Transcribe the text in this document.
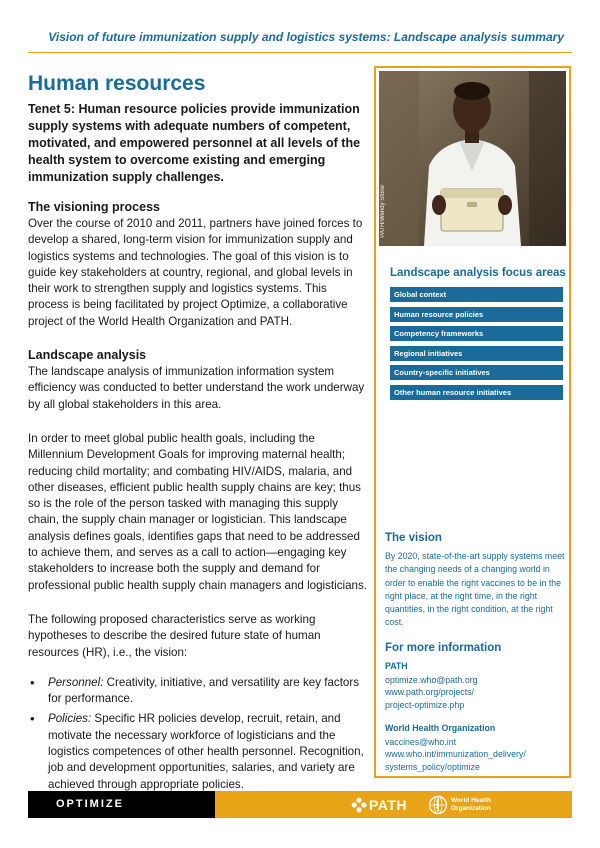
Vision of future immunization supply and logistics systems: Landscape analysis summary
Human resources

Tenet 5: Human resource policies provide immunization supply systems with adequate numbers of competent, motivated, and empowered personnel at all levels of the health system to overcome existing and emerging immunization supply challenges.

The visioning process

Over the course of 2010 and 2011, partners have joined forces to develop a shared, long-term vision for immunization supply and logistics systems and technologies. The goal of this vision is to guide key stakeholders at country, regional, and global levels in their work to strengthen supply and logistics systems. This process is being facilitated by project Optimize, a collaborative project of the World Health Organization and PATH.

Landscape analysis

The landscape analysis of immunization information system efficiency was conducted to better understand the work underway by all global stakeholders in this area.

In order to meet global public health goals, including the Millennium Development Goals for improving maternal health; reducing child mortality; and combating HIV/AIDS, malaria, and other diseases, efficient public health supply chains are key; thus so is the role of the person tasked with managing this supply chain, the supply chain manager or logistician. This landscape analysis defines goals, identifies gaps that need to be addressed to achieve them, and serves as a call to action—engaging key stakeholders to increase both the supply and demand for professional public health supply chain managers and logisticians.

The following proposed characteristics serve as working hypotheses to describe the desired future state of human resources (HR), i.e., the vision:

• Personnel: Creativity, initiative, and versatility are key factors for performance.
• Policies: Specific HR policies develop, recruit, retain, and motivate the necessary workforce of logisticians and the logistics competences of other health personnel. Recognition, job and development opportunities, salaries, and variety are achieved through appropriate policies.
PATH/Wendy Stone
Landscape analysis focus areas
Global context
Human resource policies
Competency frameworks
Regional initiatives
Country-specific initiatives
Other human resource initiatives
The vision
By 2020, state-of-the-art supply systems meet the changing needs of a changing world in order to enable the right vaccines to be in the right place, at the right time, in the right quantities, in the right condition, at the right cost.
For more information
PATH
optimize.who@path.org
www.path.org/projects/
project-optimize.php
World Health Organization
vaccines@who.int
www.who.int/immunization_delivery/
systems_policy/optimize
OPTIMIZE	PATH	World Health
Organization
